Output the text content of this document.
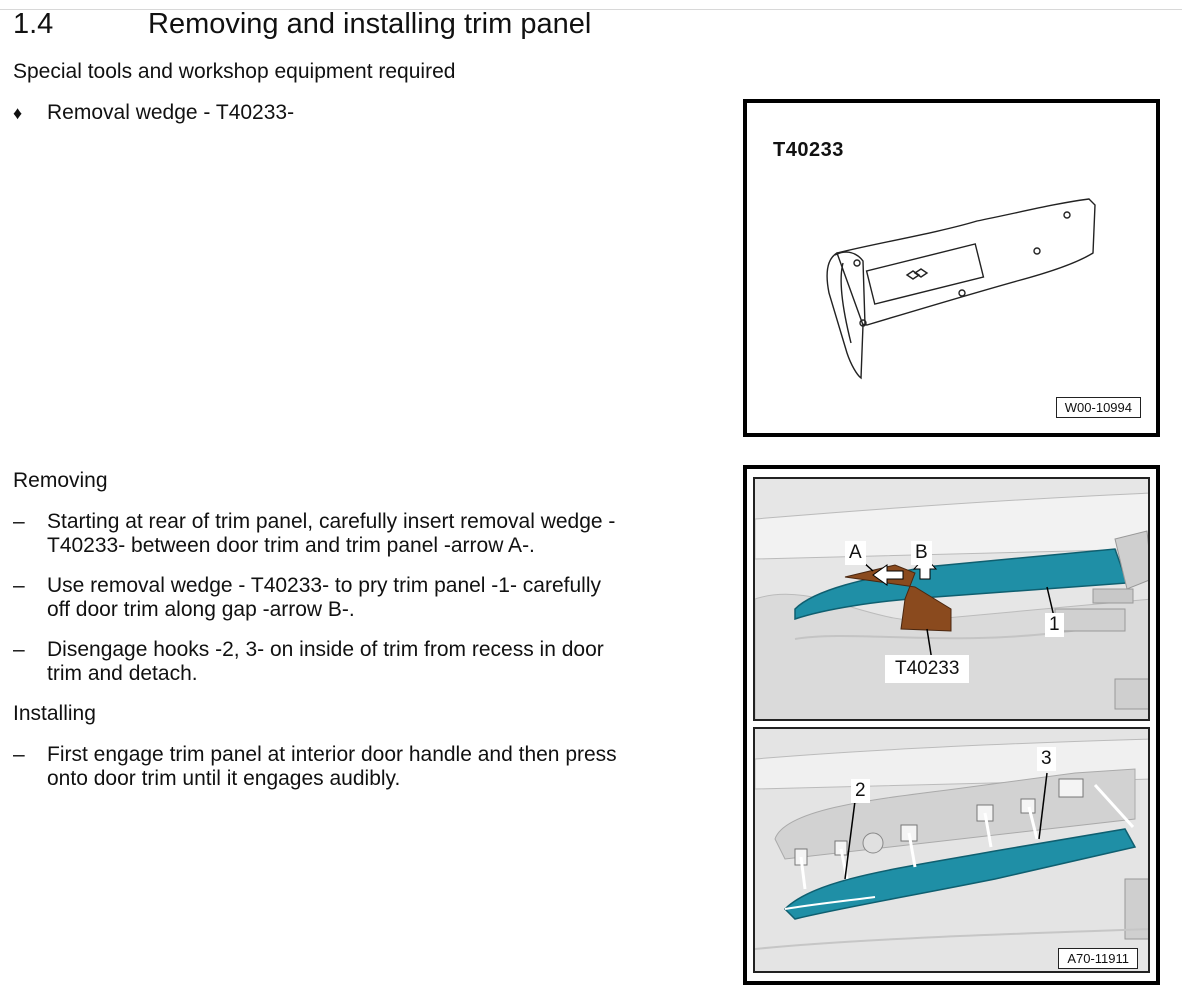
1.4	Removing and installing trim panel
Special tools and workshop equipment required
♦ Removal wedge - T40233-
Removing
– Starting at rear of trim panel, carefully insert removal wedge -
T40233- between door trim and trim panel -arrow A-.
– Use removal wedge - T40233- to pry trim panel -1- carefully
off door trim along gap -arrow B-.
– Disengage hooks -2, 3- on inside of trim from recess in door
trim and detach.
Installing
– First engage trim panel at interior door handle and then press
onto door trim until it engages audibly.
T40233
W00-10994
A	B
1
T40233
2
3
A70-11911
